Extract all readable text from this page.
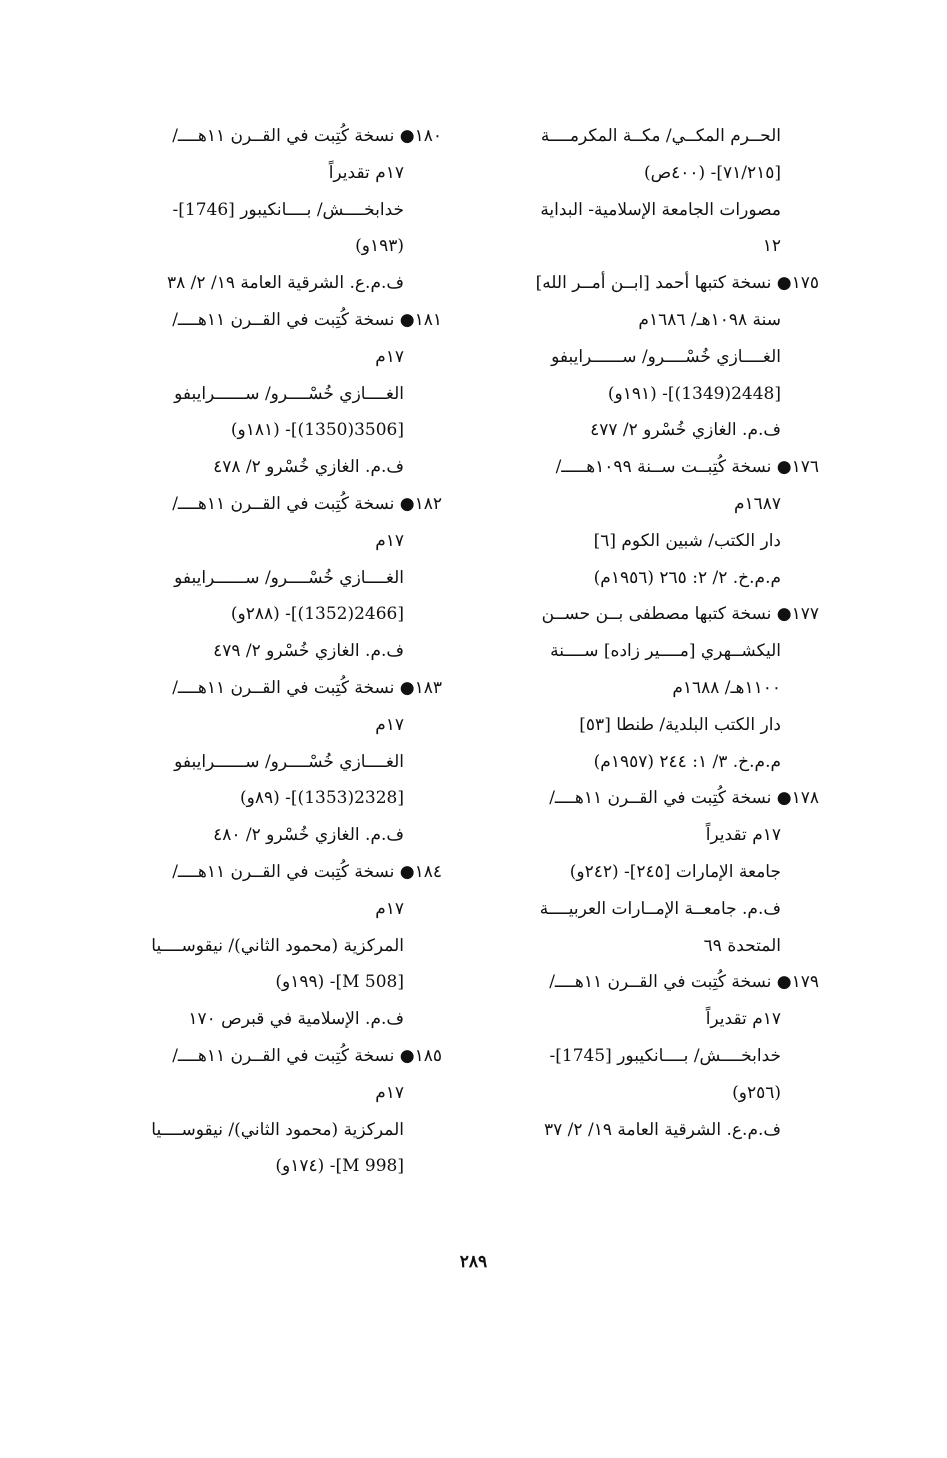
الحــرم المكــي/ مكــة المكرمــــة
[٧١/٢١٥]- (٤٠٠ص)
مصورات الجامعة الإسلامية- البداية
١٢
١٧٥● نسخة كتبها أحمد [ابــن أمــر الله]
سنة ١٠٩٨هـ/ ١٦٨٦م
الغــــازي خُسْــــرو/ ســــــرايبفو
[2448(1349)]- (١٩١و)
ف.م. الغازي خُسْرو ٢/ ٤٧٧
١٧٦● نسخة كُتِبــت ســنة ١٠٩٩هـــــ/
١٦٨٧م
دار الكتب/ شبين الكوم [٦]
م.م.خ. ٢/ ٢: ٢٦٥ (١٩٥٦م)
١٧٧● نسخة كتبها مصطفى بــن حســن
اليكشــهري [مــــير زاده] ســــنة
١١٠٠هـ/ ١٦٨٨م
دار الكتب البلدية/ طنطا [٥٣]
م.م.خ. ٣/ ١: ٢٤٤ (١٩٥٧م)
١٧٨● نسخة كُتِبت في القــرن ١١هــــ/
١٧م تقديراً
جامعة الإمارات [٢٤٥]- (٢٤٢و)
ف.م. جامعــة الإمــارات العربيــــة
المتحدة ٦٩
١٧٩● نسخة كُتِبت في القــرن ١١هــــ/
١٧م تقديراً
خدابخــــش/ بــــانكيبور [1745]-
(٢٥٦و)
ف.م.ع. الشرقية العامة ١٩/ ٢/ ٣٧
١٨٠● نسخة كُتِبت في القــرن ١١هــــ/
١٧م تقديراً
خدابخــــش/ بــــانكيبور [1746]-
(١٩٣و)
ف.م.ع. الشرقية العامة ١٩/ ٢/ ٣٨
١٨١● نسخة كُتِبت في القــرن ١١هــــ/
١٧م
الغــــازي خُسْــــرو/ ســــــرايبفو
[3506(1350)]- (١٨١و)
ف.م. الغازي خُسْرو ٢/ ٤٧٨
١٨٢● نسخة كُتِبت في القــرن ١١هــــ/
١٧م
الغــــازي خُسْــــرو/ ســــــرايبفو
[2466(1352)]- (٢٨٨و)
ف.م. الغازي خُسْرو ٢/ ٤٧٩
١٨٣● نسخة كُتِبت في القــرن ١١هــــ/
١٧م
الغــــازي خُسْــــرو/ ســــــرايبفو
[2328(1353)]- (٨٩و)
ف.م. الغازي خُسْرو ٢/ ٤٨٠
١٨٤● نسخة كُتِبت في القــرن ١١هــــ/
١٧م
المركزية (محمود الثاني)/ نيقوســــيا
[M 508]- (١٩٩و)
ف.م. الإسلامية في قبرص ١٧٠
١٨٥● نسخة كُتِبت في القــرن ١١هــــ/
١٧م
المركزية (محمود الثاني)/ نيقوســــيا
[M 998]- (١٧٤و)
٢٨٩
